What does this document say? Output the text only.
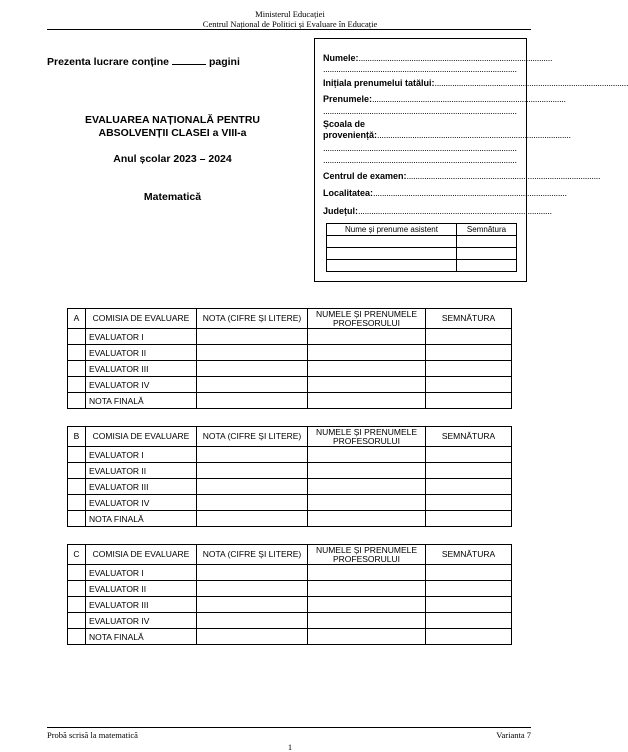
Ministerul Educației
Centrul Național de Politici și Evaluare în Educație
Prezenta lucrare conține	pagini
EVALUAREA NAȚIONALĂ PENTRU
ABSOLVENȚII CLASEI a VIII-a
Anul școlar 2023 – 2024
Matematică
Numele:........................................................................................
........................................................................................
Inițiala prenumelui tatălui:........................................................................................
Prenumele:........................................................................................
........................................................................................
Școala de
proveniență:........................................................................................
........................................................................................
........................................................................................
Centrul de examen:........................................................................................
Localitatea:........................................................................................
Județul:........................................................................................
Nume și prenume asistent	Semnătura

A	COMISIA DE EVALUARE	NOTA (CIFRE ȘI LITERE)	NUMELE ȘI PRENUMELE PROFESORULUI	SEMNĂTURA
	EVALUATOR I			
	EVALUATOR II			
	EVALUATOR III			
	EVALUATOR IV			
	NOTA FINALĂ			
B	COMISIA DE EVALUARE	NOTA (CIFRE ȘI LITERE)	NUMELE ȘI PRENUMELE PROFESORULUI	SEMNĂTURA
	EVALUATOR I			
	EVALUATOR II			
	EVALUATOR III			
	EVALUATOR IV			
	NOTA FINALĂ			
C	COMISIA DE EVALUARE	NOTA (CIFRE ȘI LITERE)	NUMELE ȘI PRENUMELE PROFESORULUI	SEMNĂTURA
	EVALUATOR I			
	EVALUATOR II			
	EVALUATOR III			
	EVALUATOR IV			
	NOTA FINALĂ			
Probă scrisă la matematică	Varianta 7
1
